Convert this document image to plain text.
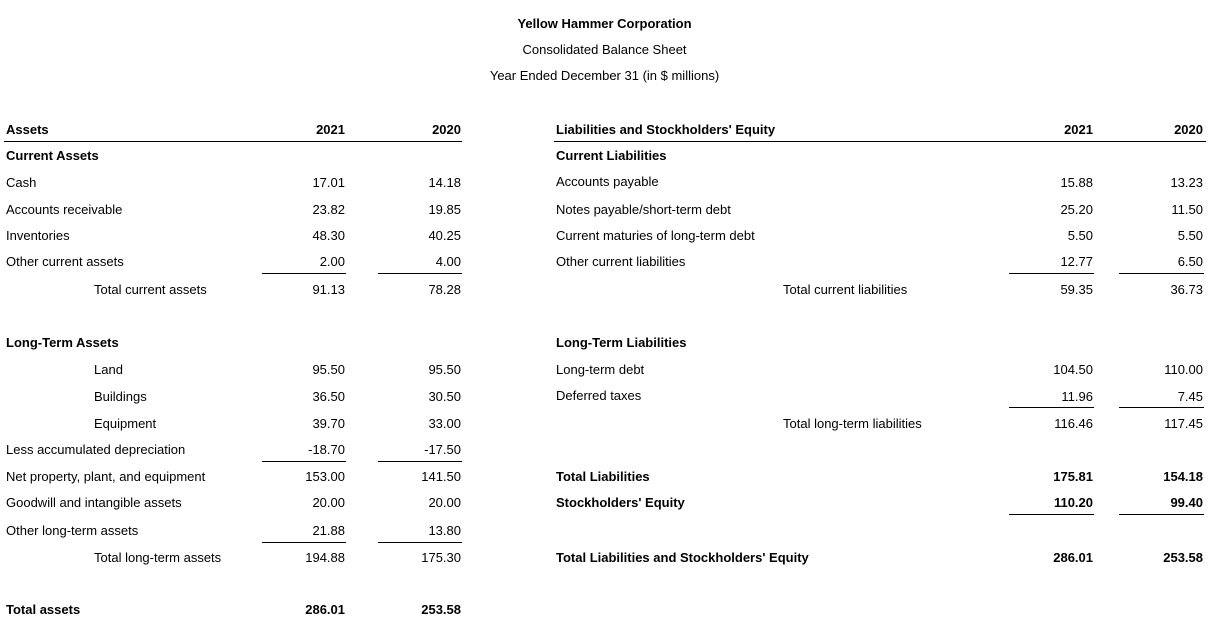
Yellow Hammer Corporation
Consolidated Balance Sheet
Year Ended December 31 (in $ millions)
Assets	2021	2020
Current Assets
Cash	17.01	14.18
Accounts receivable	23.82	19.85
Inventories	48.30	40.25
Other current assets	2.00	4.00
Total current assets	91.13	78.28
Long-Term Assets
Land	95.50	95.50
Buildings	36.50	30.50
Equipment	39.70	33.00
Less accumulated depreciation	-18.70	-17.50
Net property, plant, and equipment	153.00	141.50
Goodwill and intangible assets	20.00	20.00
Other long-term assets	21.88	13.80
Total long-term assets	194.88	175.30
Total assets	286.01	253.58
Liabilities and Stockholders' Equity	2021	2020
Current Liabilities
Accounts payable	15.88	13.23
Notes payable/short-term debt	25.20	11.50
Current maturies of long-term debt	5.50	5.50
Other current liabilities	12.77	6.50
Total current liabilities	59.35	36.73
Long-Term Liabilities
Long-term debt	104.50	110.00
Deferred taxes	11.96	7.45
Total long-term liabilities	116.46	117.45
Total Liabilities	175.81	154.18
Stockholders' Equity	110.20	99.40
Total Liabilities and Stockholders' Equity	286.01	253.58
